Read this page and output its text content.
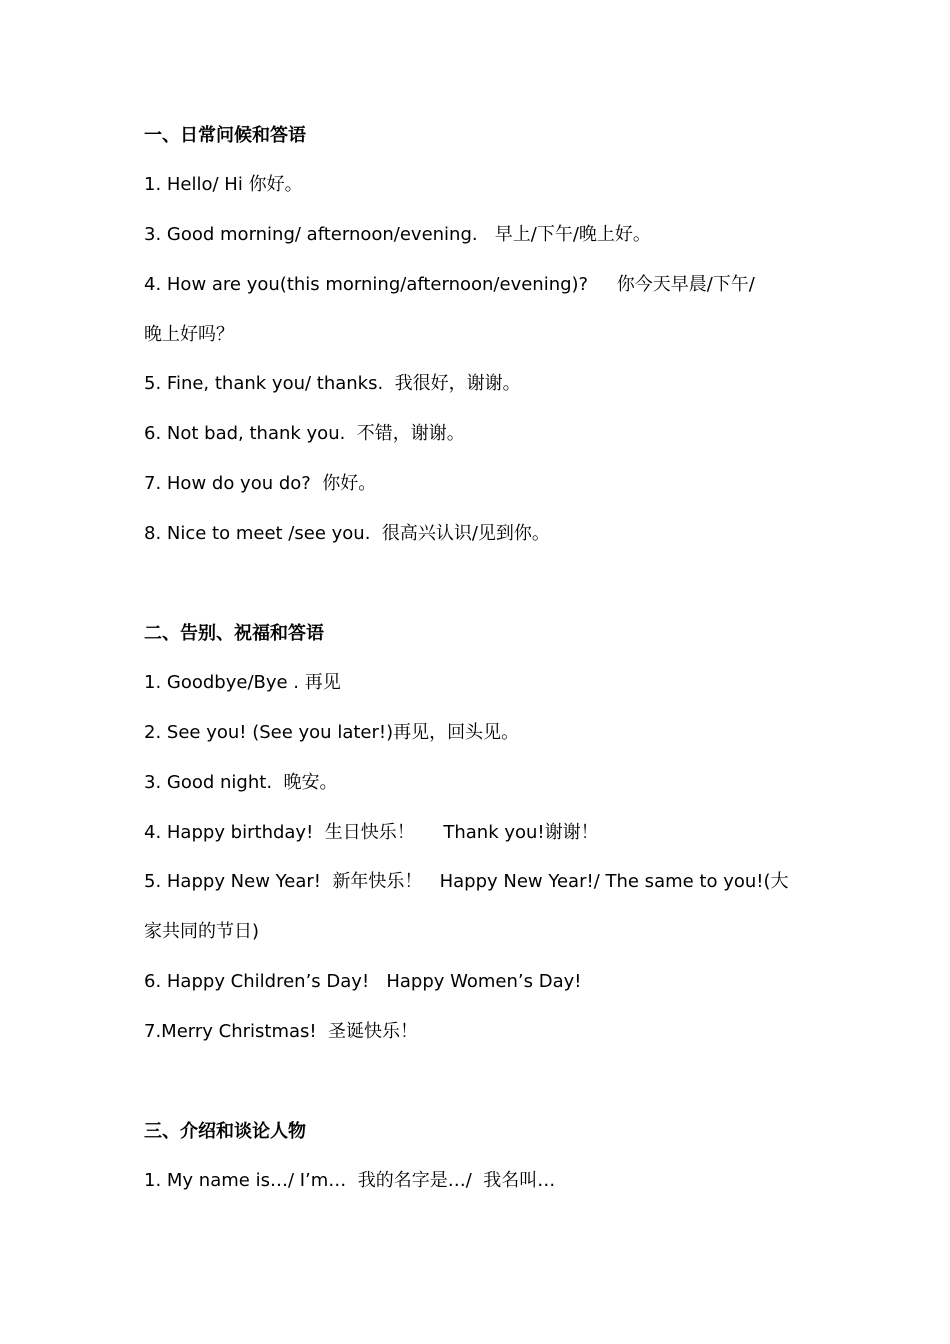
一、日常问候和答语
1. Hello/ Hi 你好。
3. Good morning/ afternoon/evening.   早上/下午/晚上好。
4. How are you(this morning/afternoon/evening)?     你今天早晨/下午/
晚上好吗？
5. Fine, thank you/ thanks.  我很好，谢谢。
6. Not bad, thank you.  不错，谢谢。
7. How do you do?  你好。
8. Nice to meet /see you.  很高兴认识/见到你。
二、告别、祝福和答语
1. Goodbye/Bye . 再见
2. See you! (See you later!)再见，回头见。
3. Good night.  晚安。
4. Happy birthday!  生日快乐！     Thank you!谢谢！
5. Happy New Year!  新年快乐！   Happy New Year!/ The same to you!(大
家共同的节日)
6. Happy Children’s Day!   Happy Women’s Day!
7.Merry Christmas!  圣诞快乐！
三、介绍和谈论人物
1. My name is…/ I’m…  我的名字是…/  我名叫…
